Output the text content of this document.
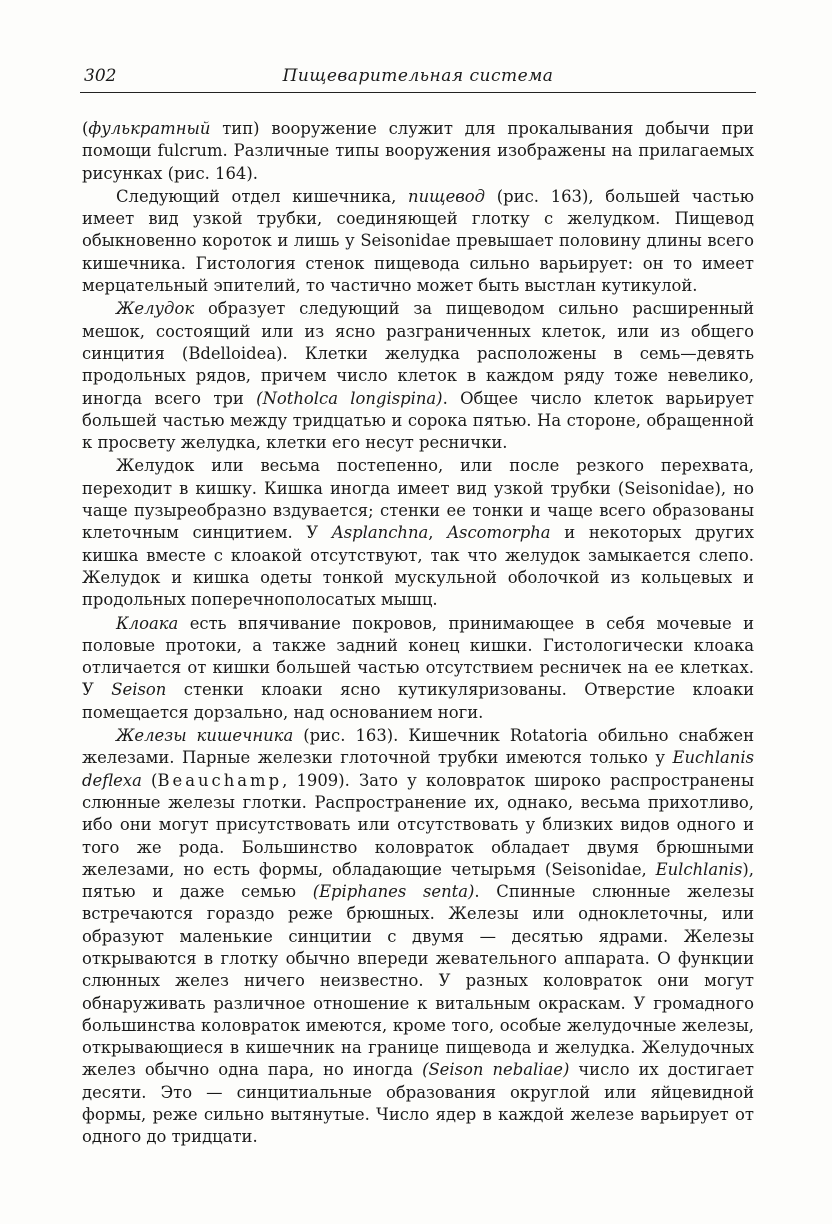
302	Пищеварительная система

(фулькратный тип) вооружение служит для прокалывания добычи при помощи fulcrum. Различные типы вооружения изображены на прилагаемых рисунках (рис. 164).

Следующий отдел кишечника, пищевод (рис. 163), большей частью имеет вид узкой трубки, соединяющей глотку с желудком. Пищевод обыкновенно короток и лишь у Seisonidae превышает половину длины всего кишечника. Гистология стенок пищевода сильно варьирует: он то имеет мерцательный эпителий, то частично может быть выстлан кутикулой.

Желудок образует следующий за пищеводом сильно расширенный мешок, состоящий или из ясно разграниченных клеток, или из общего синцития (Bdelloidea). Клетки желудка расположены в семь—девять продольных рядов, причем число клеток в каждом ряду тоже невелико, иногда всего три (Notholca longispina). Общее число клеток варьирует большей частью между тридцатью и сорока пятью. На стороне, обращенной к просвету желудка, клетки его несут реснички.

Желудок или весьма постепенно, или после резкого перехвата, переходит в кишку. Кишка иногда имеет вид узкой трубки (Seisonidae), но чаще пузыреобразно вздувается; стенки ее тонки и чаще всего образованы клеточным синцитием. У Asplanchna, Ascomorpha и некоторых других кишка вместе с клоакой отсутствуют, так что желудок замыкается слепо. Желудок и кишка одеты тонкой мускульной оболочкой из кольцевых и продольных поперечнополосатых мышц.

Клоака есть впячивание покровов, принимающее в себя мочевые и половые протоки, а также задний конец кишки. Гистологически клоака отличается от кишки большей частью отсутствием ресничек на ее клетках. У Seison стенки клоаки ясно кутикуляризованы. Отверстие клоаки помещается дорзально, над основанием ноги.

Железы кишечника (рис. 163). Кишечник Rotatoria обильно снабжен железами. Парные железки глоточной трубки имеются только у Euchlanis deflexa (Beauchamp, 1909). Зато у коловраток широко распространены слюнные железы глотки. Распространение их, однако, весьма прихотливо, ибо они могут присутствовать или отсутствовать у близких видов одного и того же рода. Большинство коловраток обладает двумя брюшными железами, но есть формы, обладающие четырьмя (Seisonidae, Eulchlanis), пятью и даже семью (Epiphanes senta). Спинные слюнные железы встречаются гораздо реже брюшных. Железы или одноклеточны, или образуют маленькие синцитии с двумя — десятью ядрами. Железы открываются в глотку обычно впереди жевательного аппарата. О функции слюнных желез ничего неизвестно. У разных коловраток они могут обнаруживать различное отношение к витальным окраскам. У громадного большинства коловраток имеются, кроме того, особые желудочные железы, открывающиеся в кишечник на границе пищевода и желудка. Желудочных желез обычно одна пара, но иногда (Seison nebaliae) число их достигает десяти. Это — синцитиальные образования округлой или яйцевидной формы, реже сильно вытянутые. Число ядер в каждой железе варьирует от одного до тридцати.
